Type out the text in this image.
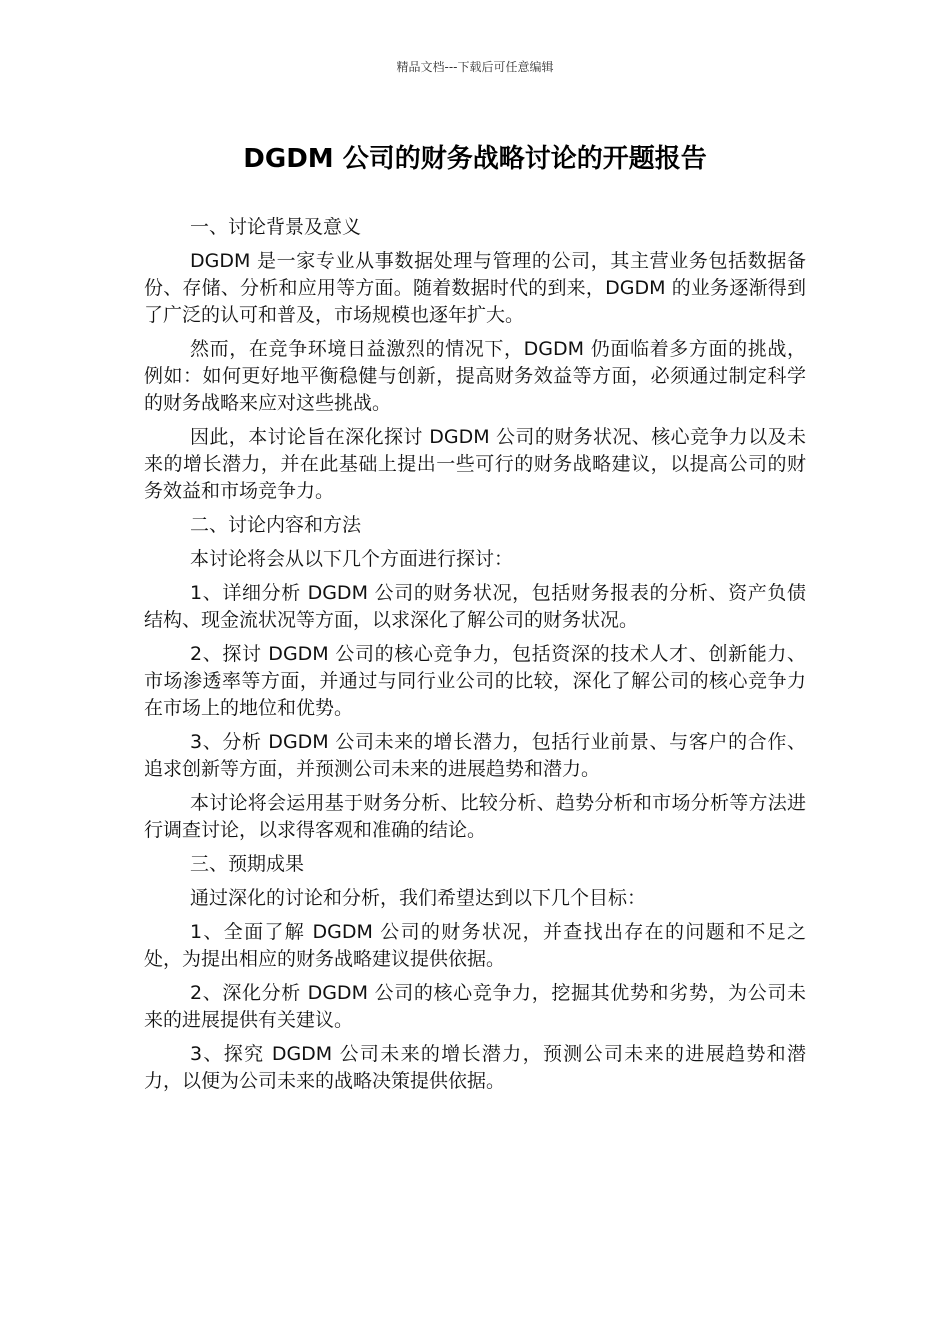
精品文档---下载后可任意编辑
DGDM 公司的财务战略讨论的开题报告

一、讨论背景及意义

DGDM 是一家专业从事数据处理与管理的公司，其主营业务包括数据备份、存储、分析和应用等方面。随着数据时代的到来，DGDM 的业务逐渐得到了广泛的认可和普及，市场规模也逐年扩大。

然而，在竞争环境日益激烈的情况下，DGDM 仍面临着多方面的挑战，例如：如何更好地平衡稳健与创新，提高财务效益等方面，必须通过制定科学的财务战略来应对这些挑战。

因此，本讨论旨在深化探讨 DGDM 公司的财务状况、核心竞争力以及未来的增长潜力，并在此基础上提出一些可行的财务战略建议，以提高公司的财务效益和市场竞争力。

二、讨论内容和方法

本讨论将会从以下几个方面进行探讨：

1、详细分析 DGDM 公司的财务状况，包括财务报表的分析、资产负债结构、现金流状况等方面，以求深化了解公司的财务状况。

2、探讨 DGDM 公司的核心竞争力，包括资深的技术人才、创新能力、市场渗透率等方面，并通过与同行业公司的比较，深化了解公司的核心竞争力在市场上的地位和优势。

3、分析 DGDM 公司未来的增长潜力，包括行业前景、与客户的合作、追求创新等方面，并预测公司未来的进展趋势和潜力。

本讨论将会运用基于财务分析、比较分析、趋势分析和市场分析等方法进行调查讨论，以求得客观和准确的结论。

三、预期成果

通过深化的讨论和分析，我们希望达到以下几个目标：

1、全面了解 DGDM 公司的财务状况，并查找出存在的问题和不足之处，为提出相应的财务战略建议提供依据。

2、深化分析 DGDM 公司的核心竞争力，挖掘其优势和劣势，为公司未来的进展提供有关建议。

3、探究 DGDM 公司未来的增长潜力，预测公司未来的进展趋势和潜力，以便为公司未来的战略决策提供依据。
